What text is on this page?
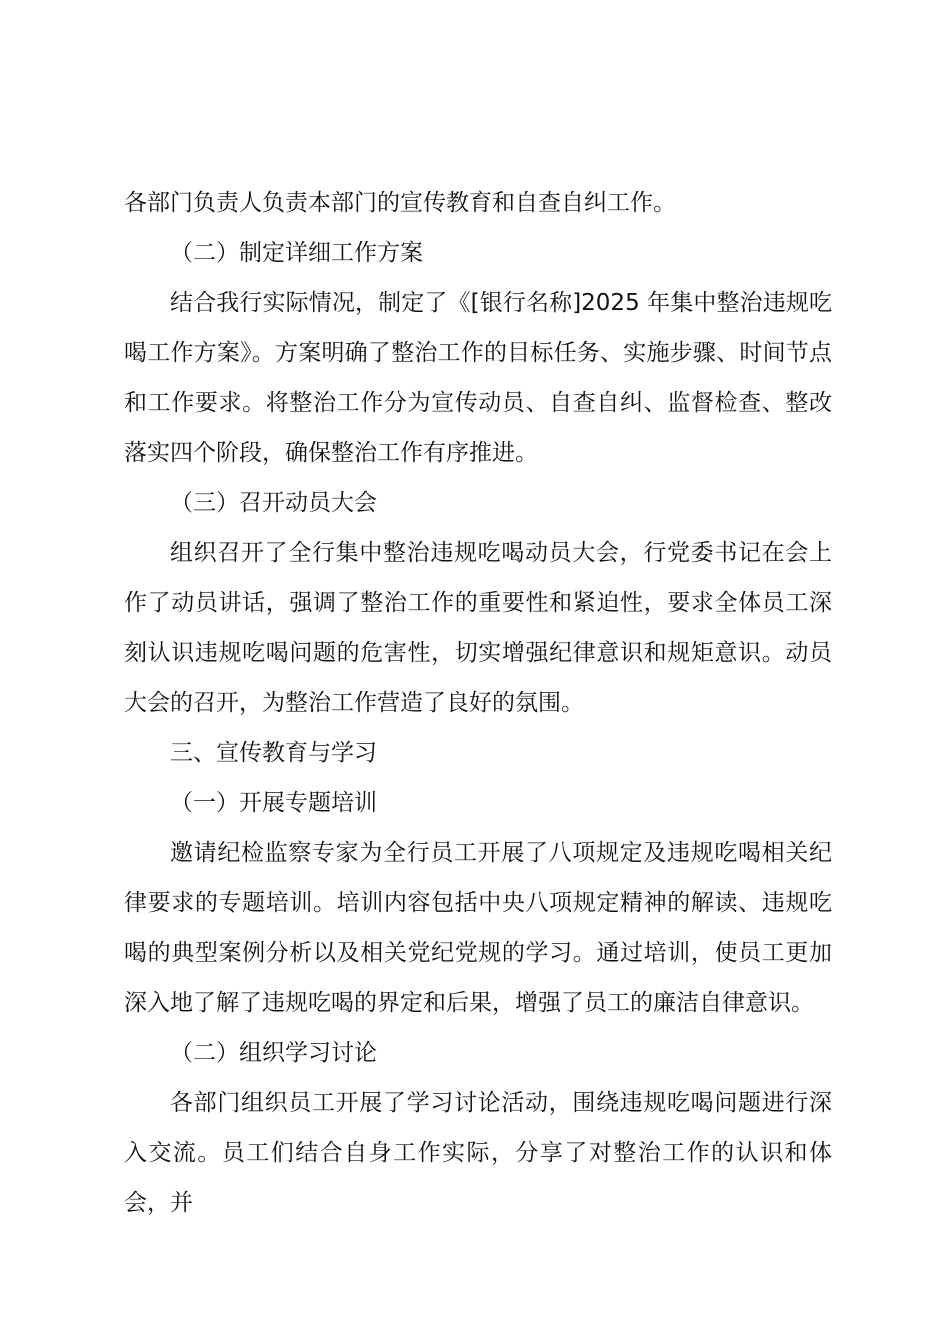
各部门负责人负责本部门的宣传教育和自查自纠工作。

（二）制定详细工作方案

结合我行实际情况，制定了《[银行名称]2025 年集中整治违规吃喝工作方案》。方案明确了整治工作的目标任务、实施步骤、时间节点和工作要求。将整治工作分为宣传动员、自查自纠、监督检查、整改落实四个阶段，确保整治工作有序推进。

（三）召开动员大会

组织召开了全行集中整治违规吃喝动员大会，行党委书记在会上作了动员讲话，强调了整治工作的重要性和紧迫性，要求全体员工深刻认识违规吃喝问题的危害性，切实增强纪律意识和规矩意识。动员大会的召开，为整治工作营造了良好的氛围。

三、宣传教育与学习

（一）开展专题培训

邀请纪检监察专家为全行员工开展了八项规定及违规吃喝相关纪律要求的专题培训。培训内容包括中央八项规定精神的解读、违规吃喝的典型案例分析以及相关党纪党规的学习。通过培训，使员工更加深入地了解了违规吃喝的界定和后果，增强了员工的廉洁自律意识。

（二）组织学习讨论

各部门组织员工开展了学习讨论活动，围绕违规吃喝问题进行深入交流。员工们结合自身工作实际，分享了对整治工作的认识和体会，并
